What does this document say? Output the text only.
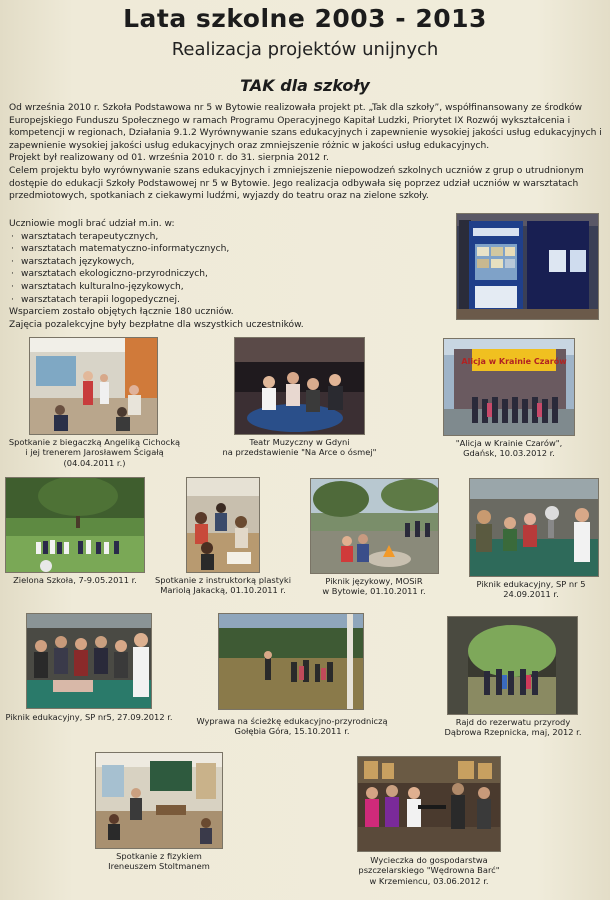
Lata szkolne 2003 - 2013
Realizacja projektów unijnych
TAK dla szkoły

Od września 2010 r. Szkoła Podstawowa nr 5 w Bytowie realizowała projekt pt. „Tak dla szkoły”, współfinansowany ze środków Europejskiego Funduszu Społecznego w ramach Programu Operacyjnego Kapitał Ludzki, Priorytet IX Rozwój wykształcenia i kompetencji w regionach, Działania 9.1.2 Wyrównywanie szans edukacyjnych i zapewnienie wysokiej jakości usług edukacyjnych i zapewnienie wysokiej jakości usług edukacyjnych oraz zmniejszenie różnic w jakości usług edukacyjnych.

Projekt był realizowany od 01. września 2010 r. do 31. sierpnia 2012 r.

Celem projektu było wyrównywanie szans edukacyjnych i zmniejszenie niepowodzeń szkolnych uczniów z grup o utrudnionym dostępie do edukacji Szkoły Podstawowej nr 5 w Bytowie. Jego realizacja odbywała się poprzez udział uczniów w warsztatach przedmiotowych, spotkaniach z ciekawymi ludźmi, wyjazdy do teatru oraz na zielone szkoły.

Uczniowie mogli brać udział m.in. w:
· warsztatach terapeutycznych,
· warsztatach matematyczno-informatycznych,
· warsztatach językowych,
· warsztatach ekologiczno-przyrodniczych,
· warsztatach kulturalno-językowych,
· warsztatach terapii logopedycznej.
Wsparciem zostało objętych łącznie 180 uczniów.
Zajęcia pozalekcyjne były bezpłatne dla wszystkich uczestników.
Spotkanie z biegaczką Angeliką Cichocką
i jej trenerem Jarosławem Ścigałą
(04.04.2011 r.)
Teatr Muzyczny w Gdyni
na przedstawienie "Na Arce o ósmej"
Alicja w Krainie Czarów
"Alicja w Krainie Czarów",
Gdańsk, 10.03.2012 r.
Zielona Szkoła, 7-9.05.2011 r.	Spotkanie z instruktorką plastyki
Mariolą Jakacką, 01.10.2011 r.
Piknik językowy, MOSiR
w Bytowie, 01.10.2011 r.
Piknik edukacyjny, SP nr 5
24.09.2011 r.
Piknik edukacyjny, SP nr5, 27.09.2012 r.	Wyprawa na ścieżkę edukacyjno-przyrodniczą
Gołębia Góra, 15.10.2011 r.
Rajd do rezerwatu przyrody
Dąbrowa Rzepnicka, maj, 2012 r.
Spotkanie z fizykiem
Ireneuszem Stoltmanem
Wycieczka do gospodarstwa
pszczelarskiego "Wędrowna Barć"
w Krzemiencu, 03.06.2012 r.
